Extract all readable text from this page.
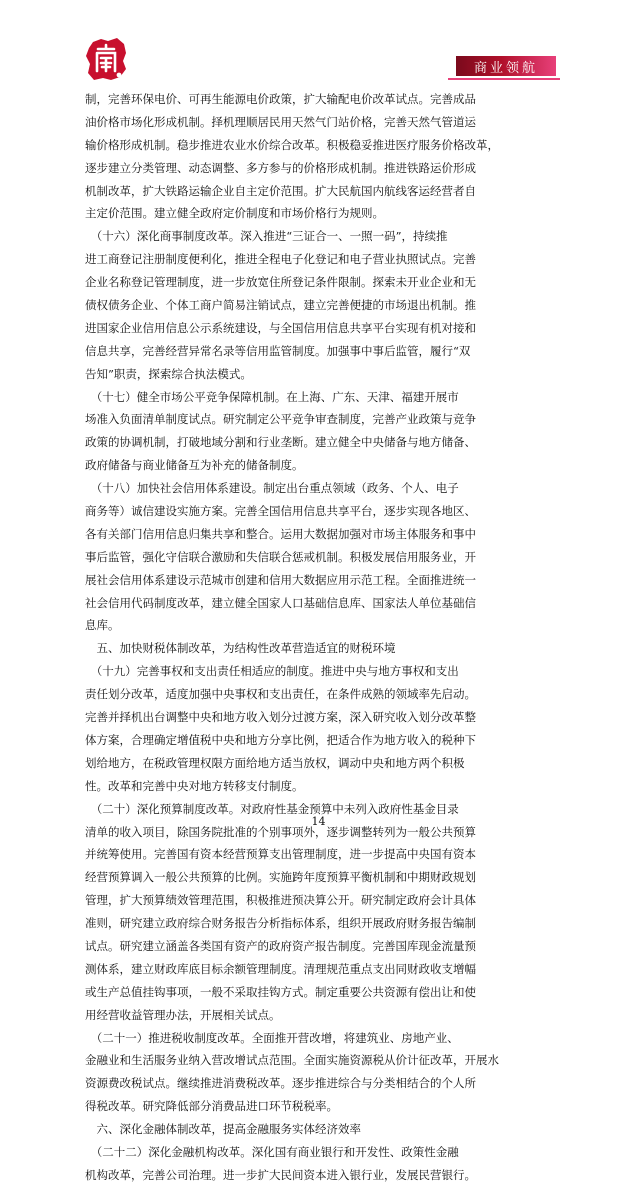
商业领航
制，完善环保电价、可再生能源电价政策，扩大输配电价改革试点。完善成品
油价格市场化形成机制。择机理顺居民用天然气门站价格，完善天然气管道运
输价格形成机制。稳步推进农业水价综合改革。积极稳妥推进医疗服务价格改革，
逐步建立分类管理、动态调整、多方参与的价格形成机制。推进铁路运价形成
机制改革，扩大铁路运输企业自主定价范围。扩大民航国内航线客运经营者自
主定价范围。建立健全政府定价制度和市场价格行为规则。
　（十六）深化商事制度改革。深入推进“三证合一、一照一码”，持续推
进工商登记注册制度便利化，推进全程电子化登记和电子营业执照试点。完善
企业名称登记管理制度，进一步放宽住所登记条件限制。探索未开业企业和无
债权债务企业、个体工商户简易注销试点，建立完善便捷的市场退出机制。推
进国家企业信用信息公示系统建设，与全国信用信息共享平台实现有机对接和
信息共享，完善经营异常名录等信用监管制度。加强事中事后监管，履行“双
告知”职责，探索综合执法模式。
　（十七）健全市场公平竞争保障机制。在上海、广东、天津、福建开展市
场准入负面清单制度试点。研究制定公平竞争审查制度，完善产业政策与竞争
政策的协调机制，打破地域分割和行业垄断。建立健全中央储备与地方储备、
政府储备与商业储备互为补充的储备制度。
　（十八）加快社会信用体系建设。制定出台重点领域（政务、个人、电子
商务等）诚信建设实施方案。完善全国信用信息共享平台，逐步实现各地区、
各有关部门信用信息归集共享和整合。运用大数据加强对市场主体服务和事中
事后监管，强化守信联合激励和失信联合惩戒机制。积极发展信用服务业，开
展社会信用体系建设示范城市创建和信用大数据应用示范工程。全面推进统一
社会信用代码制度改革，建立健全国家人口基础信息库、国家法人单位基础信
息库。
　五、加快财税体制改革，为结构性改革营造适宜的财税环境
　（十九）完善事权和支出责任相适应的制度。推进中央与地方事权和支出
责任划分改革，适度加强中央事权和支出责任，在条件成熟的领域率先启动。
完善并择机出台调整中央和地方收入划分过渡方案，深入研究收入划分改革整
体方案，合理确定增值税中央和地方分享比例，把适合作为地方收入的税种下
划给地方，在税政管理权限方面给地方适当放权，调动中央和地方两个积极
性。改革和完善中央对地方转移支付制度。
　（二十）深化预算制度改革。对政府性基金预算中未列入政府性基金目录
清单的收入项目，除国务院批准的个别事项外，逐步调整转列为一般公共预算
并统筹使用。完善国有资本经营预算支出管理制度，进一步提高中央国有资本
经营预算调入一般公共预算的比例。实施跨年度预算平衡机制和中期财政规划
管理，扩大预算绩效管理范围，积极推进预决算公开。研究制定政府会计具体
准则，研究建立政府综合财务报告分析指标体系，组织开展政府财务报告编制
试点。研究建立涵盖各类国有资产的政府资产报告制度。完善国库现金流量预
测体系，建立财政库底目标余额管理制度。清理规范重点支出同财政收支增幅
或生产总值挂钩事项，一般不采取挂钩方式。制定重要公共资源有偿出让和使
用经营收益管理办法，开展相关试点。
　（二十一）推进税收制度改革。全面推开营改增，将建筑业、房地产业、
金融业和生活服务业纳入营改增试点范围。全面实施资源税从价计征改革，开展水
资源费改税试点。继续推进消费税改革。逐步推进综合与分类相结合的个人所
得税改革。研究降低部分消费品进口环节税税率。
　六、深化金融体制改革，提高金融服务实体经济效率
　（二十二）深化金融机构改革。深化国有商业银行和开发性、政策性金融
机构改革，完善公司治理。进一步扩大民间资本进入银行业，发展民营银行。
14
